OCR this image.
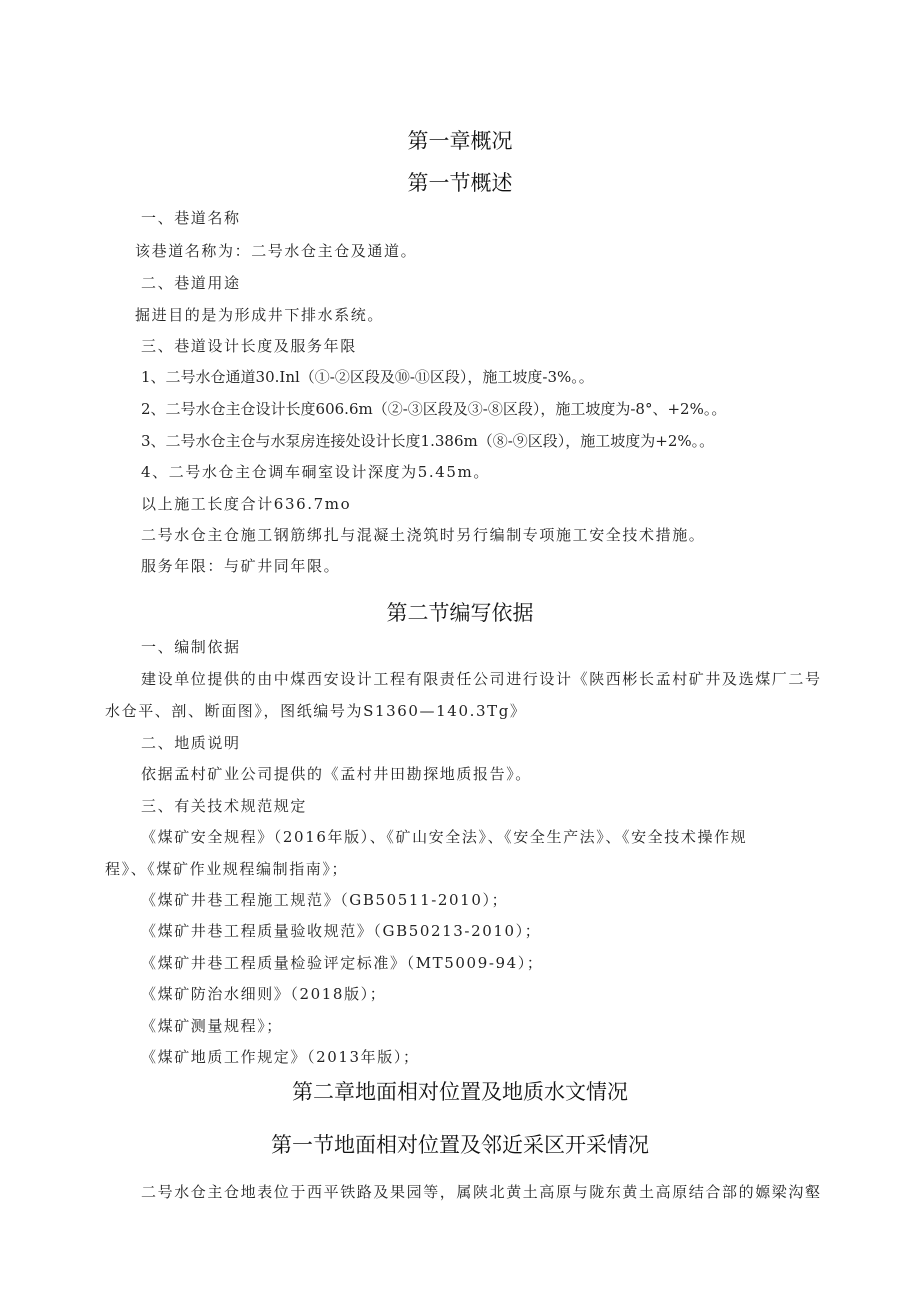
第一章概况
第一节概述
一、巷道名称
该巷道名称为：二号水仓主仓及通道。
二、巷道用途
掘进目的是为形成井下排水系统。
三、巷道设计长度及服务年限
1、二号水仓通道30.Inl（①-②区段及⑩-⑪区段），施工坡度-3%。。
2、二号水仓主仓设计长度606.6m（②-③区段及③-⑧区段），施工坡度为-8°、+2%。。
3、二号水仓主仓与水泵房连接处设计长度1.386m（⑧-⑨区段），施工坡度为+2%。。
4、二号水仓主仓调车硐室设计深度为5.45m。
以上施工长度合计636.7mo
二号水仓主仓施工钢筋绑扎与混凝土浇筑时另行编制专项施工安全技术措施。
服务年限：与矿井同年限。
第二节编写依据
一、编制依据
建设单位提供的由中煤西安设计工程有限责任公司进行设计《陕西彬长孟村矿井及选煤厂二号
水仓平、剖、断面图》，图纸编号为S1360—140.3Tg》
二、地质说明
依据孟村矿业公司提供的《孟村井田勘探地质报告》。
三、有关技术规范规定
《煤矿安全规程》（2016年版）、《矿山安全法》、《安全生产法》、《安全技术操作规
程》、《煤矿作业规程编制指南》；
《煤矿井巷工程施工规范》（GB50511-2010）；
《煤矿井巷工程质量验收规范》（GB50213-2010）；
《煤矿井巷工程质量检验评定标准》（MT5009-94）；
《煤矿防治水细则》（2018版）；
《煤矿测量规程》；
《煤矿地质工作规定》（2013年版）；
第二章地面相对位置及地质水文情况
第一节地面相对位置及邻近采区开采情况
二号水仓主仓地表位于西平铁路及果园等，属陕北黄土高原与陇东黄土高原结合部的嫄梁沟壑
